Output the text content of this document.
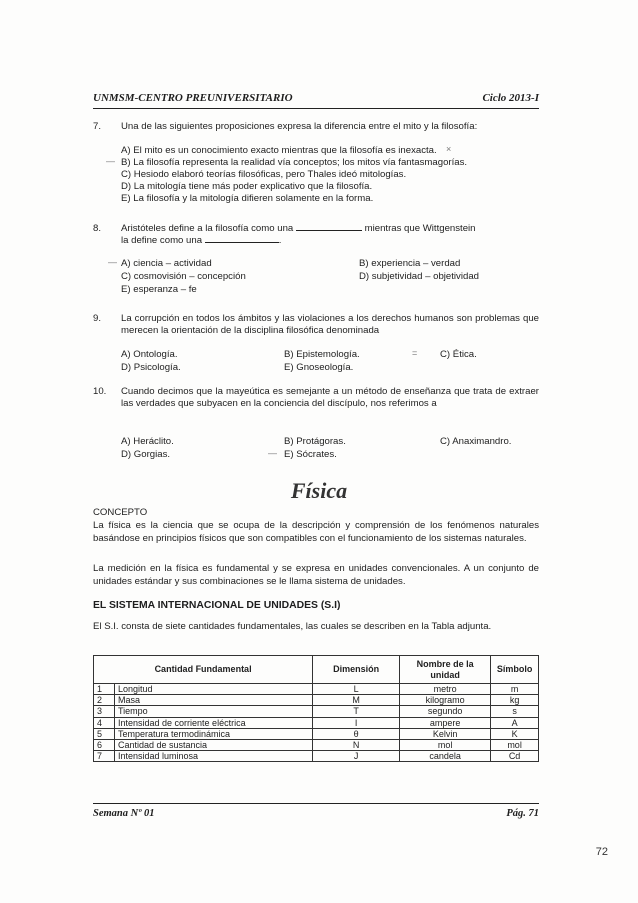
UNMSM-CENTRO PREUNIVERSITARIO	Ciclo 2013-I
7. Una de las siguientes proposiciones expresa la diferencia entre el mito y la filosofía:
A) El mito es un conocimiento exacto mientras que la filosofía es inexacta.
B) La filosofía representa la realidad vía conceptos; los mitos vía fantasmagorías.
C) Hesiodo elaboró teorías filosóficas, pero Thales ideó mitologías.
D) La mitología tiene más poder explicativo que la filosofía.
E) La filosofía y la mitología difieren solamente en la forma.
—
×
8. Aristóteles define a la filosofía como una	mientras que Wittgenstein
la define como una	.
A) ciencia – actividad	B) experiencia – verdad
C) cosmovisión – concepción	D) subjetividad – objetividad
E) esperanza – fe
—
9. La corrupción en todos los ámbitos y las violaciones a los derechos humanos son problemas que merecen la orientación de la disciplina filosófica denominada
A) Ontología.	B) Epistemología.	C) Ética.
D) Psicología.	E) Gnoseología.
=
10. Cuando decimos que la mayeútica es semejante a un método de enseñanza que trata de extraer las verdades que subyacen en la conciencia del discípulo, nos referimos a
A) Heráclito.	B) Protágoras.	C) Anaximandro.
D) Gorgias.	E) Sócrates.
—
Física
CONCEPTO
La física es la ciencia que se ocupa de la descripción y comprensión de los fenómenos naturales basándose en principios físicos que son compatibles con el funcionamiento de los sistemas naturales.
La medición en la física es fundamental y se expresa en unidades convencionales. A un conjunto de unidades estándar y sus combinaciones se le llama sistema de unidades.
EL SISTEMA INTERNACIONAL DE UNIDADES (S.I)
El S.I. consta de siete cantidades fundamentales, las cuales se describen en la Tabla adjunta.
Cantidad Fundamental		Dimensión	Nombre de la unidad	Símbolo
1	Longitud	L	metro	m
2	Masa	M	kilogramo	kg
3	Tiempo	T	segundo	s
4	Intensidad de corriente eléctrica	I	ampere	A
5	Temperatura termodinámica	θ	Kelvin	K
6	Cantidad de sustancia	N	mol	mol
7	Intensidad luminosa	J	candela	Cd
Semana Nº 01	Pág. 71
72
